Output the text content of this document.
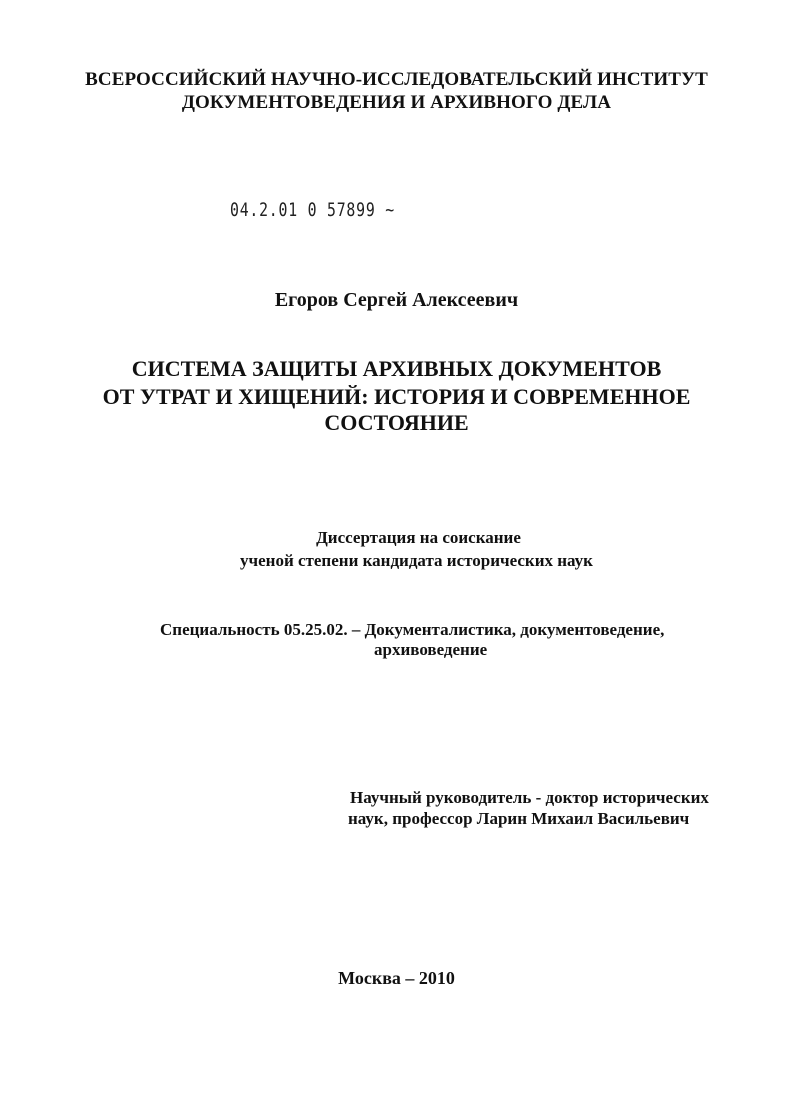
ВСЕРОССИЙСКИЙ НАУЧНО-ИССЛЕДОВАТЕЛЬСКИЙ ИНСТИТУТ
ДОКУМЕНТОВЕДЕНИЯ И АРХИВНОГО ДЕЛА
04.2.01 0 57899 ~
Егоров Сергей Алексеевич
СИСТЕМА ЗАЩИТЫ АРХИВНЫХ ДОКУМЕНТОВ
ОТ УТРАТ И ХИЩЕНИЙ: ИСТОРИЯ И СОВРЕМЕННОЕ
СОСТОЯНИЕ
Диссертация на соискание
ученой степени кандидата исторических наук
Специальность 05.25.02. – Документалистика, документоведение,
архивоведение
Научный руководитель - доктор исторических
наук, профессор Ларин Михаил Васильевич
Москва – 2010
